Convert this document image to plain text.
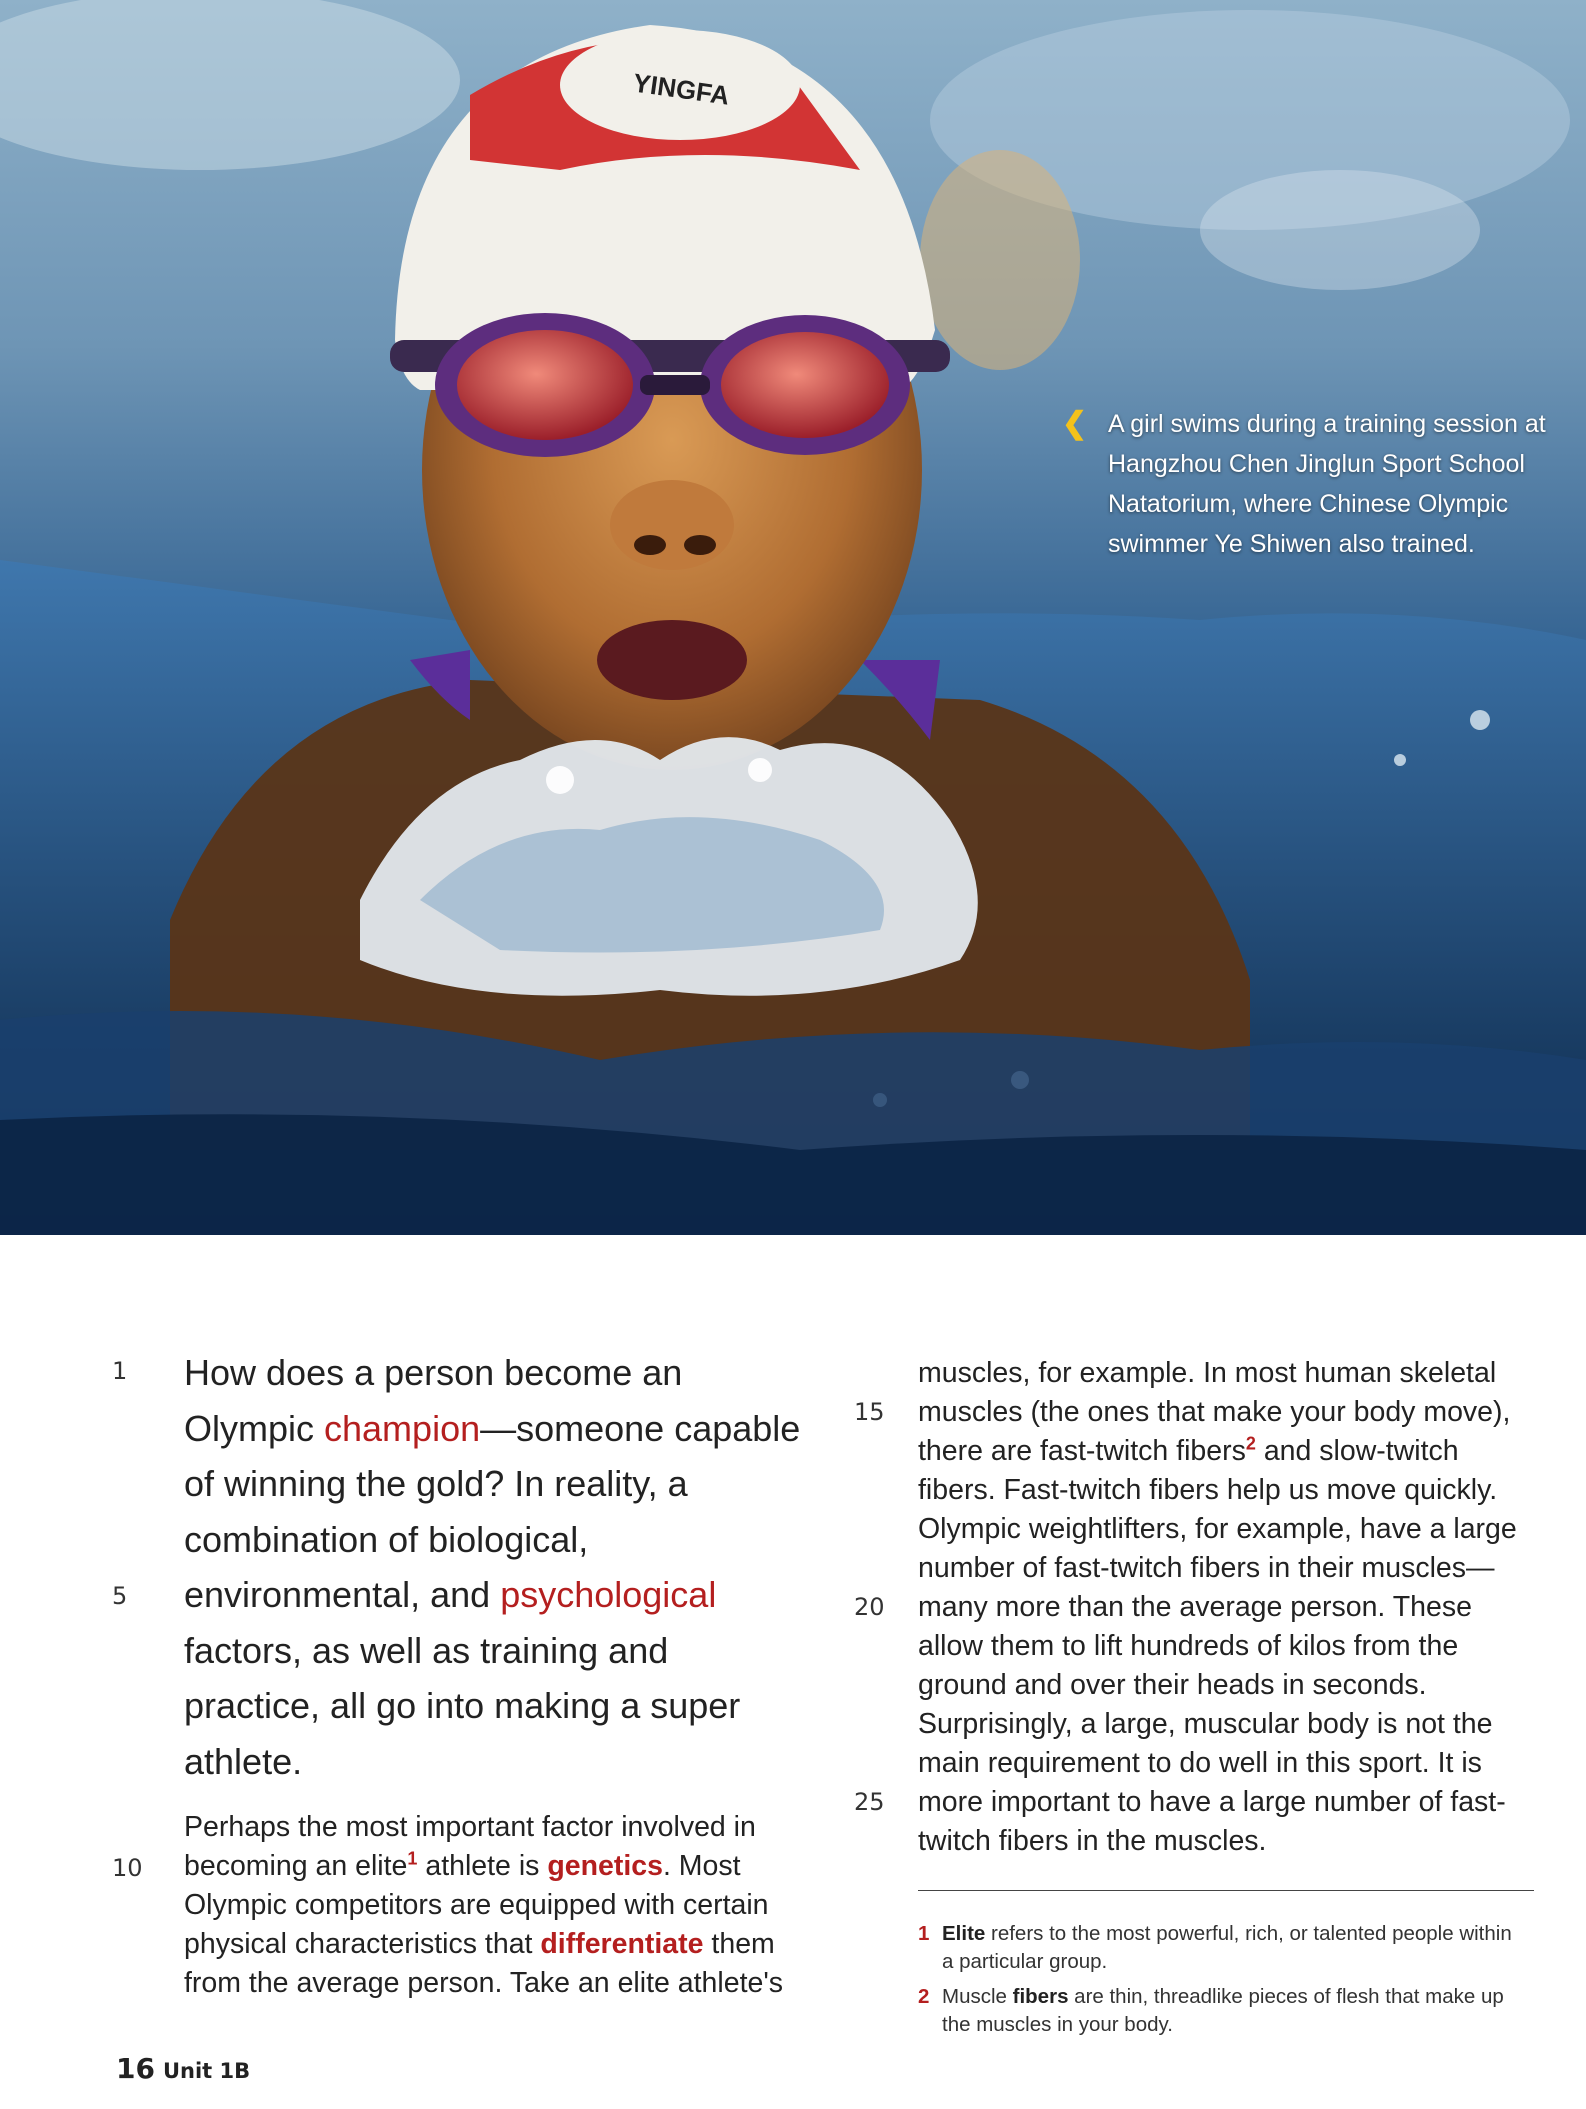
YINGFA
❮ A girl swims during a training session at Hangzhou Chen Jinglun Sport School Natatorium, where Chinese Olympic swimmer Ye Shiwen also trained.
1
5
10
15
20
25

How does a person become an Olympic champion—someone capable of winning the gold? In reality, a combination of biological, environmental, and psychological factors, as well as training and practice, all go into making a super athlete.

Perhaps the most important factor involved in becoming an elite$^1$ athlete is genetics. Most Olympic competitors are equipped with certain physical characteristics that differentiate them from the average person. Take an elite athlete's

muscles, for example. In most human skeletal muscles (the ones that make your body move), there are fast-twitch fibers$^2$ and slow-twitch fibers. Fast-twitch fibers help us move quickly. Olympic weightlifters, for example, have a large number of fast-twitch fibers in their muscles—many more than the average person. These allow them to lift hundreds of kilos from the ground and over their heads in seconds. Surprisingly, a large, muscular body is not the main requirement to do well in this sport. It is more important to have a large number of fast-twitch fibers in the muscles.

1 Elite refers to the most powerful, rich, or talented people within a particular group.
2 Muscle fibers are thin, threadlike pieces of flesh that make up the muscles in your body.
16 Unit 1B
